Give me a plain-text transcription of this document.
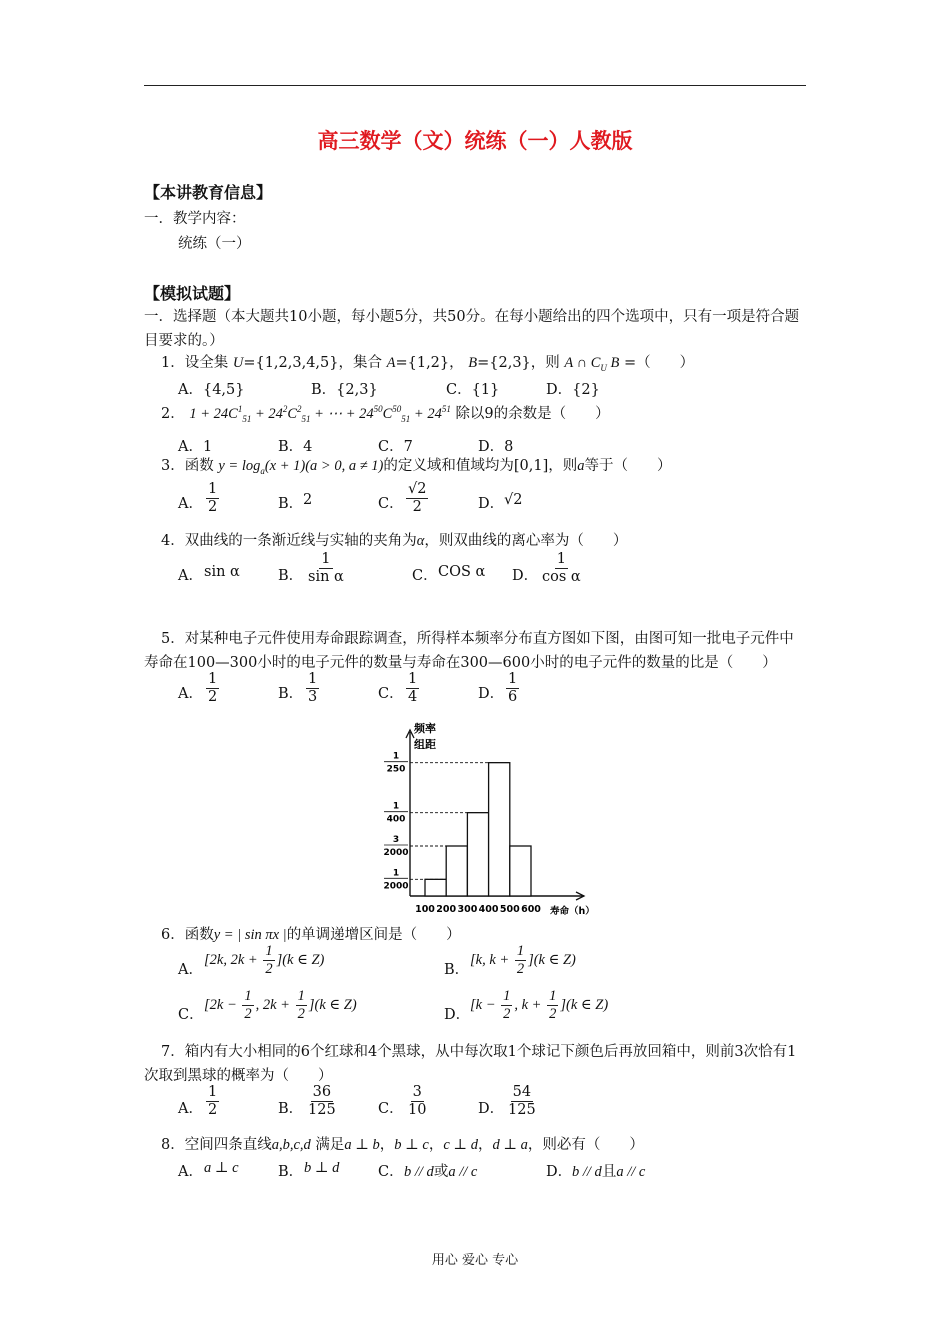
高三数学（文）统练（一）人教版
【本讲教育信息】
一．教学内容：
统练（一）
【模拟试题】
一．选择题（本大题共10小题，每小题5分，共50分。在每小题给出的四个选项中，只有一项是符合题目要求的。）
1．设全集 U={1,2,3,4,5}，集合 A={1,2}， B={2,3}，则 A ∩ $C_U$ B =（　　）
A．{4,5}	B．{2,3}	C．{1}	D．{2}
2． $1 + 24C^1_{51} + 24^2C^2_{51}$ + ⋯ + $24^{50}C^{50}_{51} + 24^{51}$ 除以9的余数是（　　）
A．1	B．4	C．7	D．8
3．函数 $y = \log_a(x + 1)(a > 0$, a ≠ 1)的定义域和值域均为[0,1]，则a等于（　　）
A． $\frac{1}{2}$	B． 2	C． $\frac{√2}{2}$	D． √2
4．双曲线的一条渐近线与实轴的夹角为α，则双曲线的离心率为（　　）
A． sin α	B． $\frac{1}{\text{sin α}}$	C． COS α D． $\frac{1}{\text{cos α}}$
5．对某种电子元件使用寿命跟踪调查，所得样本频率分布直方图如下图，由图可知一批电子元件中寿命在100—300小时的电子元件的数量与寿命在300—600小时的电子元件的数量的比是（　　）
A． $\frac{1}{2}$	B． $\frac{1}{3}$	C． $\frac{1}{4}$	D． $\frac{1}{6}$
频率
组距
1
2000
3
2000
1
400
1
250
100 200 300 400 500 600 寿命（h）
6．函数y = | sin πx |的单调递增区间是（　　）
A．
[2k, $2k + \frac{1}{2} ](k$ ∈ Z)
B．
[k, $k + \frac{1}{2} ](k$ ∈ Z)
C．
[$2k - \frac{1}{2}$ , $2k + \frac{1}{2} ](k$ ∈ Z)
D．
[$k - \frac{1}{2}$ , $k + \frac{1}{2} ](k$ ∈ Z)
7．箱内有大小相同的6个红球和4个黑球，从中每次取1个球记下颜色后再放回箱中，则前3次恰有1次取到黑球的概率为（　　）
A． $\frac{1}{2}$	B． $\frac{36}{125}$	C． $\frac{3}{10}$	D． $\frac{54}{125}$
8．空间四条直线a,b,c,d 满足a ⊥ b，b ⊥ c，c ⊥ d，d ⊥ a，则必有（　　）
A． a ⊥ c	B． b ⊥ d	C． b // d或a // c	D． b // d且a // c
用心 爱心 专心
